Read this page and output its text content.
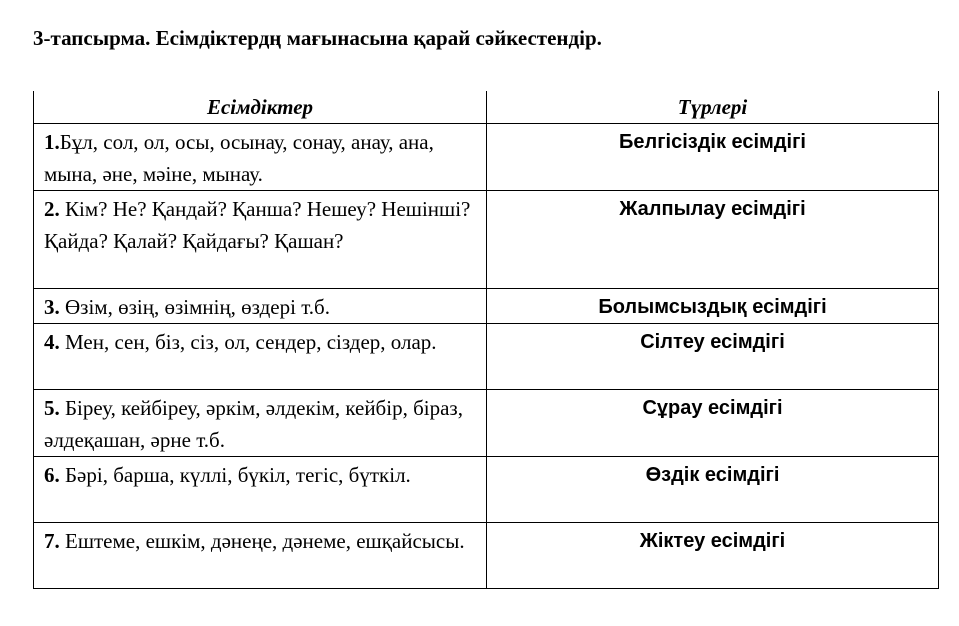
3-тапсырма. Есімдіктердң мағынасына қарай сәйкестендір.
Есімдіктер	Түрлері
1.Бұл, сол, ол, осы, осынау, сонау, анау, ана, мына, әне, мәіне, мынау.	Белгісіздік есімдігі
2. Кім? Не? Қандай? Қанша? Нешеу? Нешінші? Қайда? Қалай? Қайдағы? Қашан?	Жалпылау есімдігі
3. Өзім, өзің, өзімнің, өздері т.б.	Болымсыздық есімдігі
4. Мен, сен, біз, сіз, ол, сендер, сіздер, олар.	Сілтеу есімдігі
5. Біреу, кейбіреу, әркім, әлдекім, кейбір, біраз, әлдеқашан, әрне т.б.	Сұрау есімдігі
6. Бәрі, барша, күллі, бүкіл, тегіс, бүткіл.	Өздік есімдігі
7. Ештеме, ешкім, дәнеңе, дәнеме, ешқайсысы.	Жіктеу есімдігі
